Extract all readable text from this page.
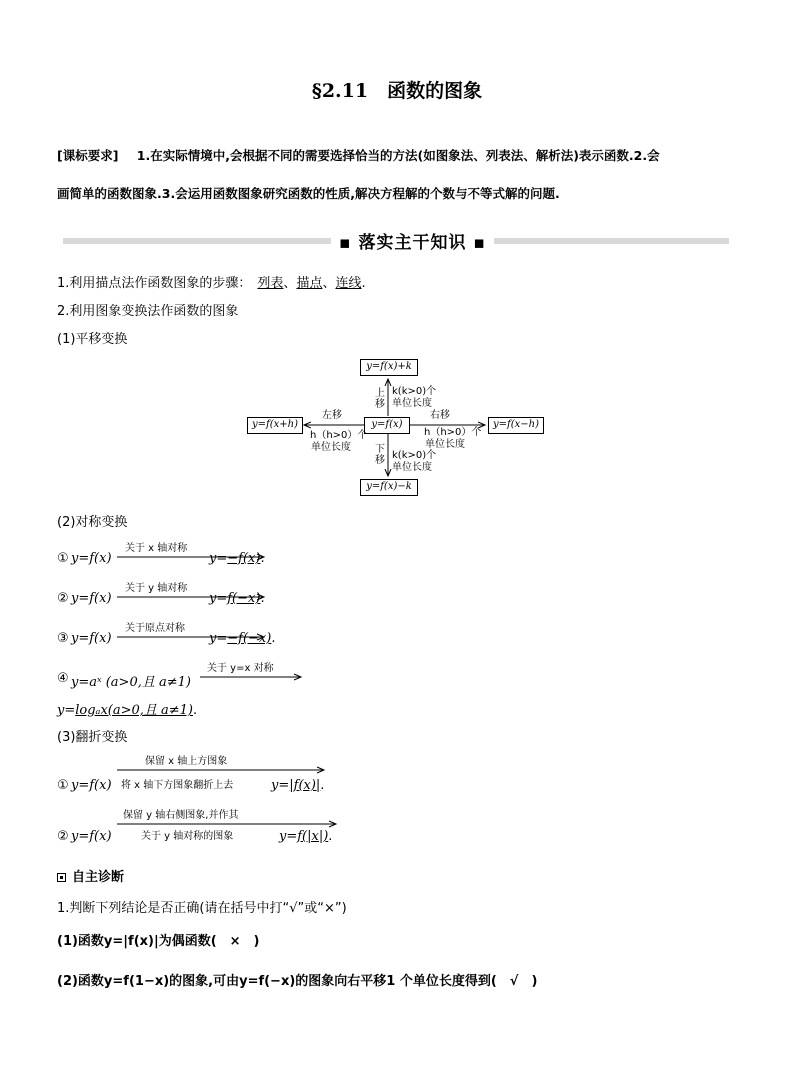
§2.11　函数的图象
[课标要求] 1.在实际情境中,会根据不同的需要选择恰当的方法(如图象法、列表法、解析法)表示函数.2.会
画简单的函数图象.3.会运用函数图象研究函数的性质,解决方程解的个数与不等式解的问题.
▪ 落实主干知识 ▪
1.利用描点法作函数图象的步骤： 列表、描点、连线.
2.利用图象变换法作函数的图象
(1)平移变换
y=f(x)+k
y=f(x)
y=f(x)−k
y=f(x+h)	y=f(x−h)
上
移
k(k>0)个
单位长度
下
移 k(k>0)个
单位长度
左移
h（h>0）个
单位长度
右移
h（h>0）个
单位长度
(2)对称变换
① y=f(x)
关于 x 轴对称
y=−f(x).
② y=f(x)
关于 y 轴对称
y=f(−x).
③ y=f(x)
关于原点对称
y=−f(−x).
④ y=aˣ (a>0,且 a≠1)
关于 y=x 对称
y=logₐx(a>0,且 a≠1).
(3)翻折变换
① y=f(x)
保留 x 轴上方图象
将 x 轴下方图象翻折上去	y=|f(x)|.
② y=f(x)
保留 y 轴右侧图象,并作其
关于 y 轴对称的图象	y=f(|x|).
自主诊断
1.判断下列结论是否正确(请在括号中打“√”或“×”)
(1)函数y=|f(x)|为偶函数(　×　)
(2)函数y=f(1−x)的图象,可由y=f(−x)的图象向右平移1 个单位长度得到(　√　)
